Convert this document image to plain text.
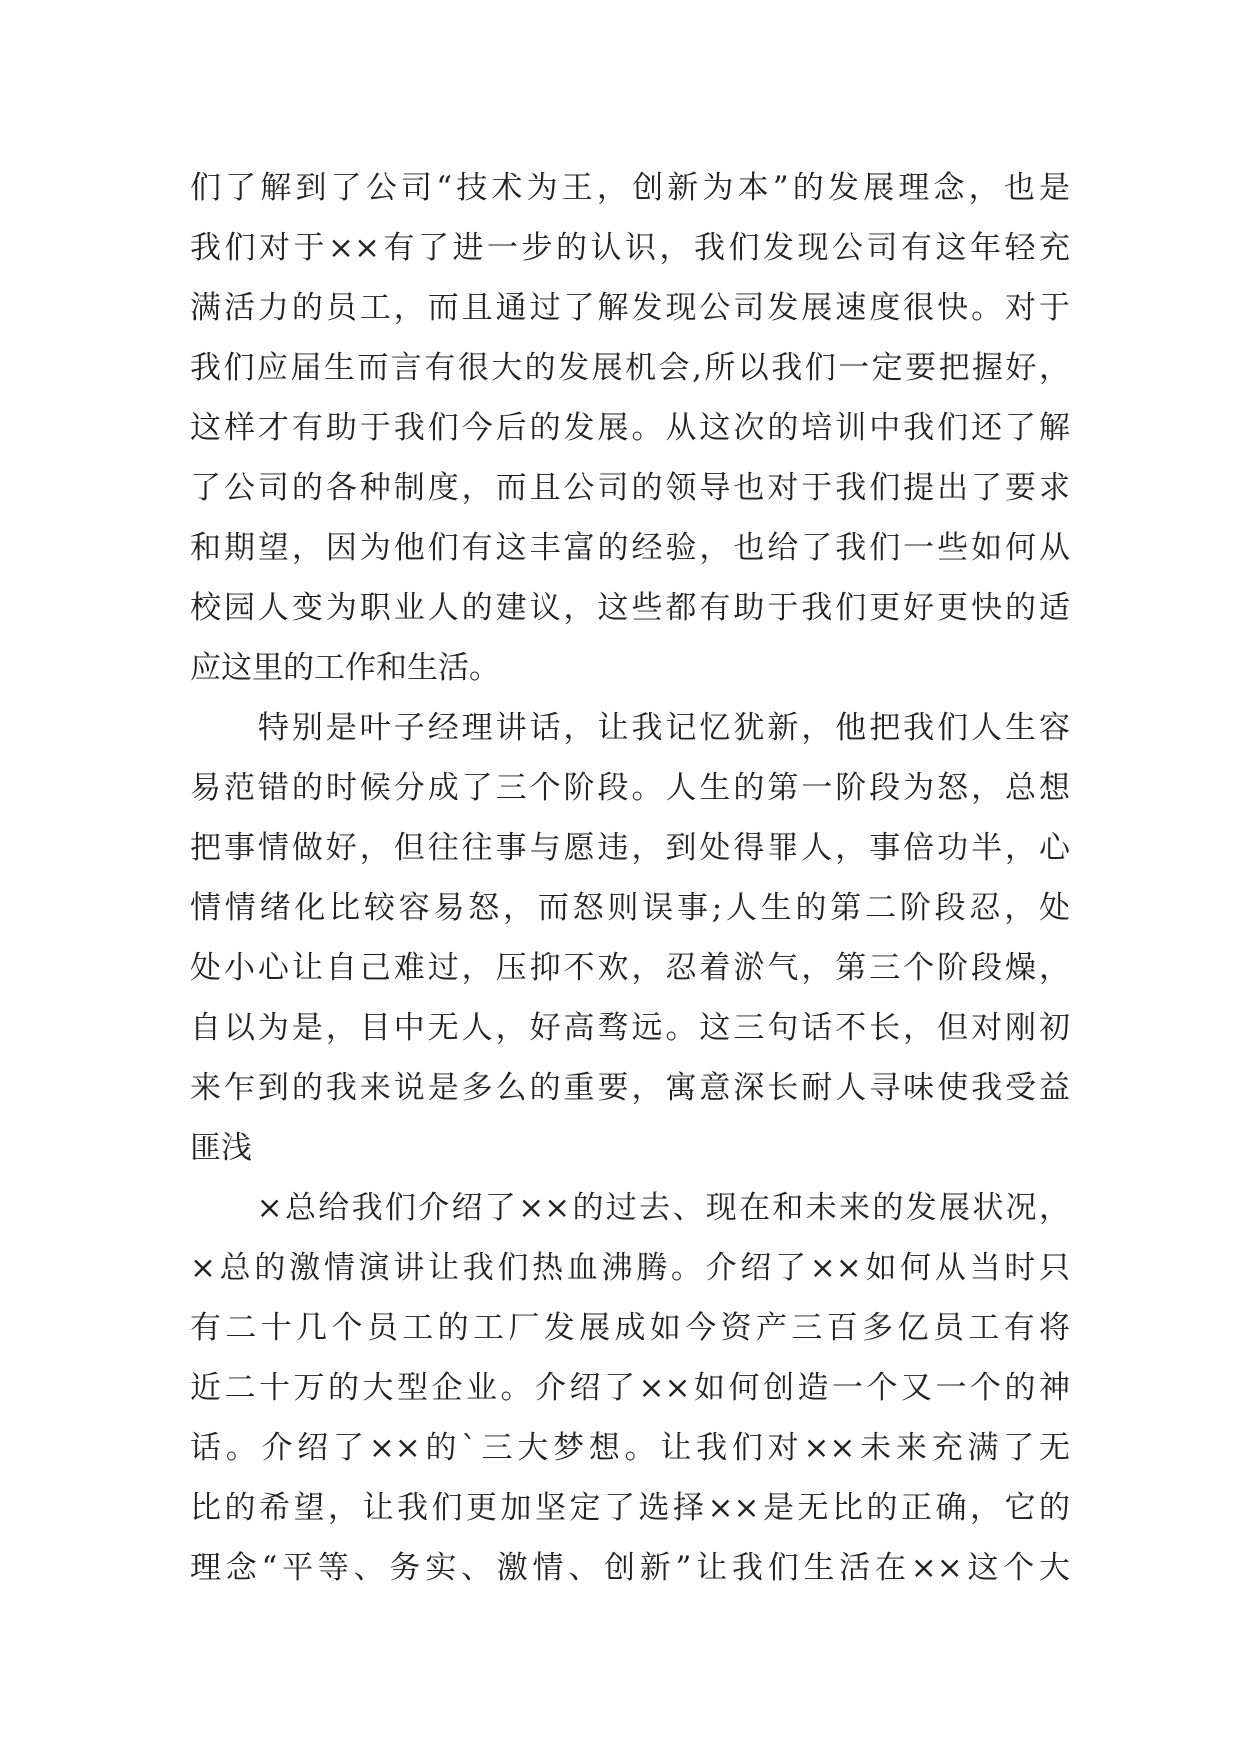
们了解到了公司“技术为王，创新为本”的发展理念，也是
我们对于××有了进一步的认识，我们发现公司有这年轻充
满活力的员工，而且通过了解发现公司发展速度很快。对于
我们应届生而言有很大的发展机会,所以我们一定要把握好，
这样才有助于我们今后的发展。从这次的培训中我们还了解
了公司的各种制度，而且公司的领导也对于我们提出了要求
和期望，因为他们有这丰富的经验，也给了我们一些如何从
校园人变为职业人的建议，这些都有助于我们更好更快的适
应这里的工作和生活。
　　特别是叶子经理讲话，让我记忆犹新，他把我们人生容
易范错的时候分成了三个阶段。人生的第一阶段为怒，总想
把事情做好，但往往事与愿违，到处得罪人，事倍功半，心
情情绪化比较容易怒，而怒则误事;人生的第二阶段忍，处
处小心让自己难过，压抑不欢，忍着淤气，第三个阶段燥，
自以为是，目中无人，好高骛远。这三句话不长，但对刚初
来乍到的我来说是多么的重要，寓意深长耐人寻味使我受益
匪浅
　　×总给我们介绍了××的过去、现在和未来的发展状况，
×总的激情演讲让我们热血沸腾。介绍了××如何从当时只
有二十几个员工的工厂发展成如今资产三百多亿员工有将
近二十万的大型企业。介绍了××如何创造一个又一个的神
话。介绍了××的`三大梦想。让我们对××未来充满了无
比的希望，让我们更加坚定了选择××是无比的正确，它的
理念“平等、务实、激情、创新”让我们生活在××这个大
